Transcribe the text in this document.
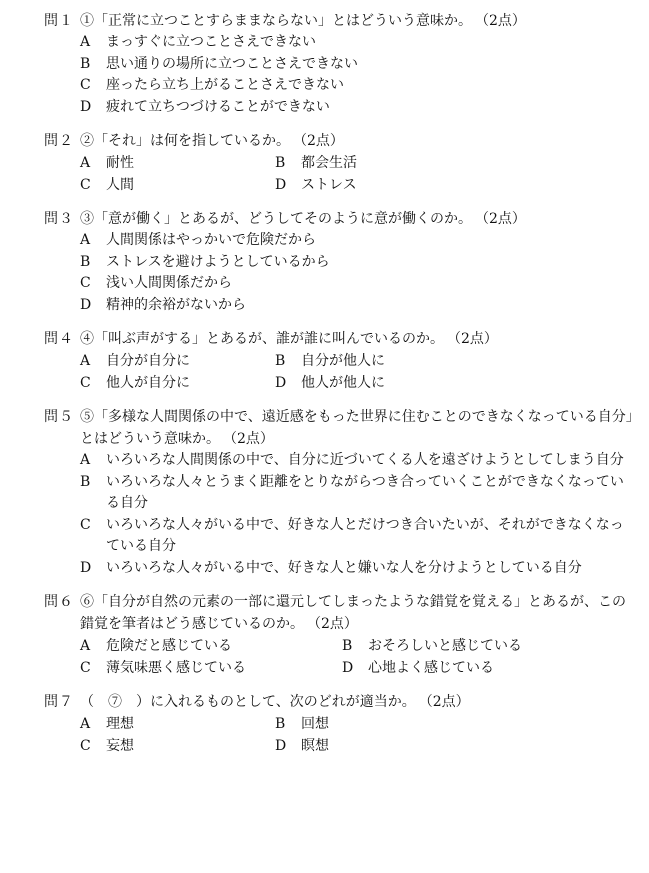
問１ ①「正常に立つことすらままならない」とはどういう意味か。 （2点）
A	まっすぐに立つことさえできない
B	思い通りの場所に立つことさえできない
C	座ったら立ち上がることさえできない
D	疲れて立ちつづけることができない
問２ ②「それ」は何を指しているか。 （2点）
A	耐性	B	都会生活
C	人間	D	ストレス
問３ ③「意が働く」とあるが、どうしてそのように意が働くのか。 （2点）
A	人間関係はやっかいで危険だから
B	ストレスを避けようとしているから
C	浅い人間関係だから
D	精神的余裕がないから
問４ ④「叫ぶ声がする」とあるが、誰が誰に叫んでいるのか。 （2点）
A	自分が自分に	B	自分が他人に
C	他人が自分に	D	他人が他人に
問５ ⑤「多様な人間関係の中で、遠近感をもった世界に住むことのできなくなっている自分」とはどういう意味か。 （2点）
A	いろいろな人間関係の中で、自分に近づいてくる人を遠ざけようとしてしまう自分
B	いろいろな人々とうまく距離をとりながらつき合っていくことができなくなっている自分
C	いろいろな人々がいる中で、好きな人とだけつき合いたいが、それができなくなっている自分
D	いろいろな人々がいる中で、好きな人と嫌いな人を分けようとしている自分
問６ ⑥「自分が自然の元素の一部に還元してしまったような錯覚を覚える」とあるが、この錯覚を筆者はどう感じているのか。 （2点）
A	危険だと感じている	B	おそろしいと感じている
C	薄気味悪く感じている	D	心地よく感じている
問７ （　⑦　）に入れるものとして、次のどれが適当か。 （2点）
A	理想	B	回想
C	妄想	D	瞑想
